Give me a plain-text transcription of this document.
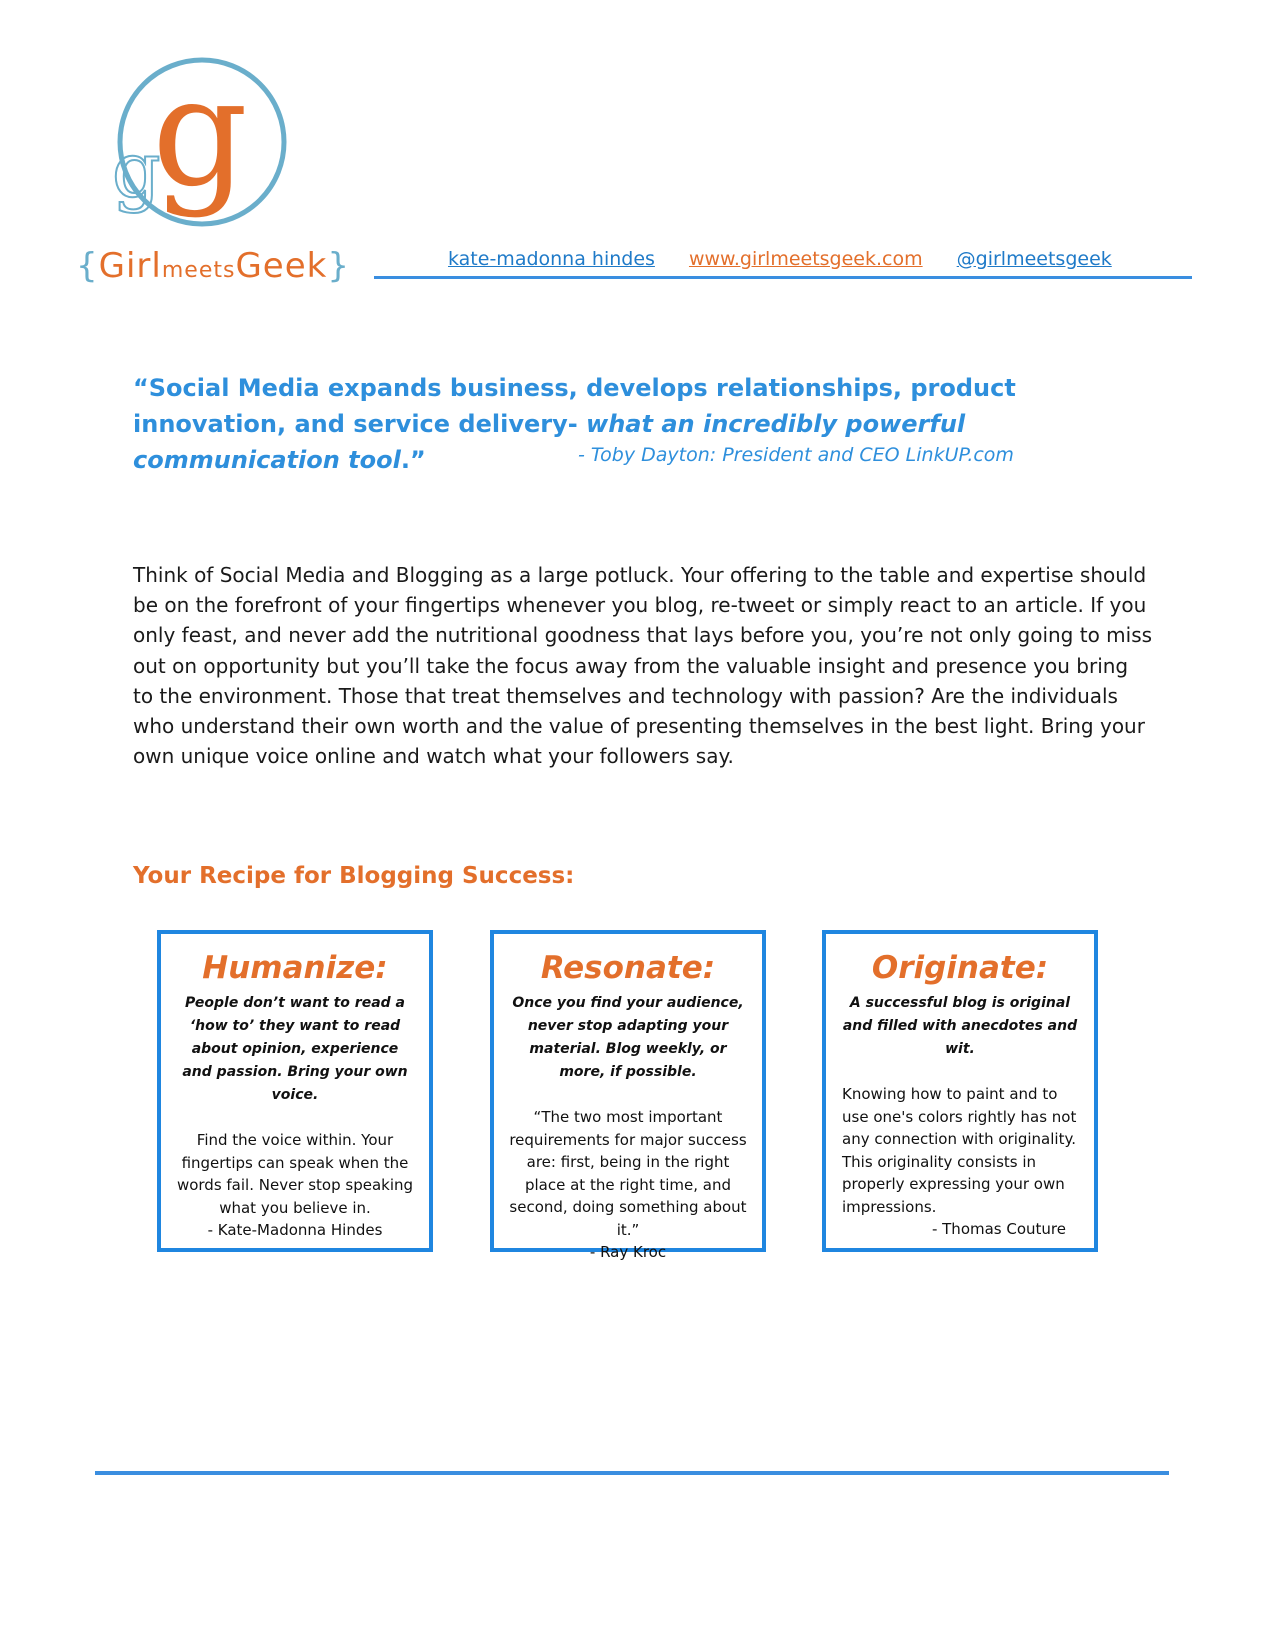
g
g
{GirlmeetsGeek}	kate-madonna hindes www.girlmeetsgeek.com @girlmeetsgeek
“Social Media expands business, develops relationships, product innovation, and service delivery- what an incredibly powerful communication tool.”	- Toby Dayton: President and CEO LinkUP.com
Think of Social Media and Blogging as a large potluck. Your offering to the table and expertise should be on the forefront of your fingertips whenever you blog, re-tweet or simply react to an article. If you only feast, and never add the nutritional goodness that lays before you, you’re not only going to miss out on opportunity but you’ll take the focus away from the valuable insight and presence you bring to the environment. Those that treat themselves and technology with passion? Are the individuals who understand their own worth and the value of presenting themselves in the best light. Bring your own unique voice online and watch what your followers say.
Your Recipe for Blogging Success:
Humanize:
People don’t want to read a ‘how to’ they want to read about opinion, experience and passion. Bring your own voice.
Find the voice within. Your fingertips can speak when the words fail. Never stop speaking what you believe in.
- Kate-Madonna Hindes
Resonate:
Once you find your audience, never stop adapting your material. Blog weekly, or more, if possible.
“The two most important requirements for major success are: first, being in the right place at the right time, and second, doing something about it.”
- Ray Kroc
Originate:
A successful blog is original and filled with anecdotes and wit.
Knowing how to paint and to use one's colors rightly has not any connection with originality. This originality consists in properly expressing your own impressions.

- Thomas Couture
